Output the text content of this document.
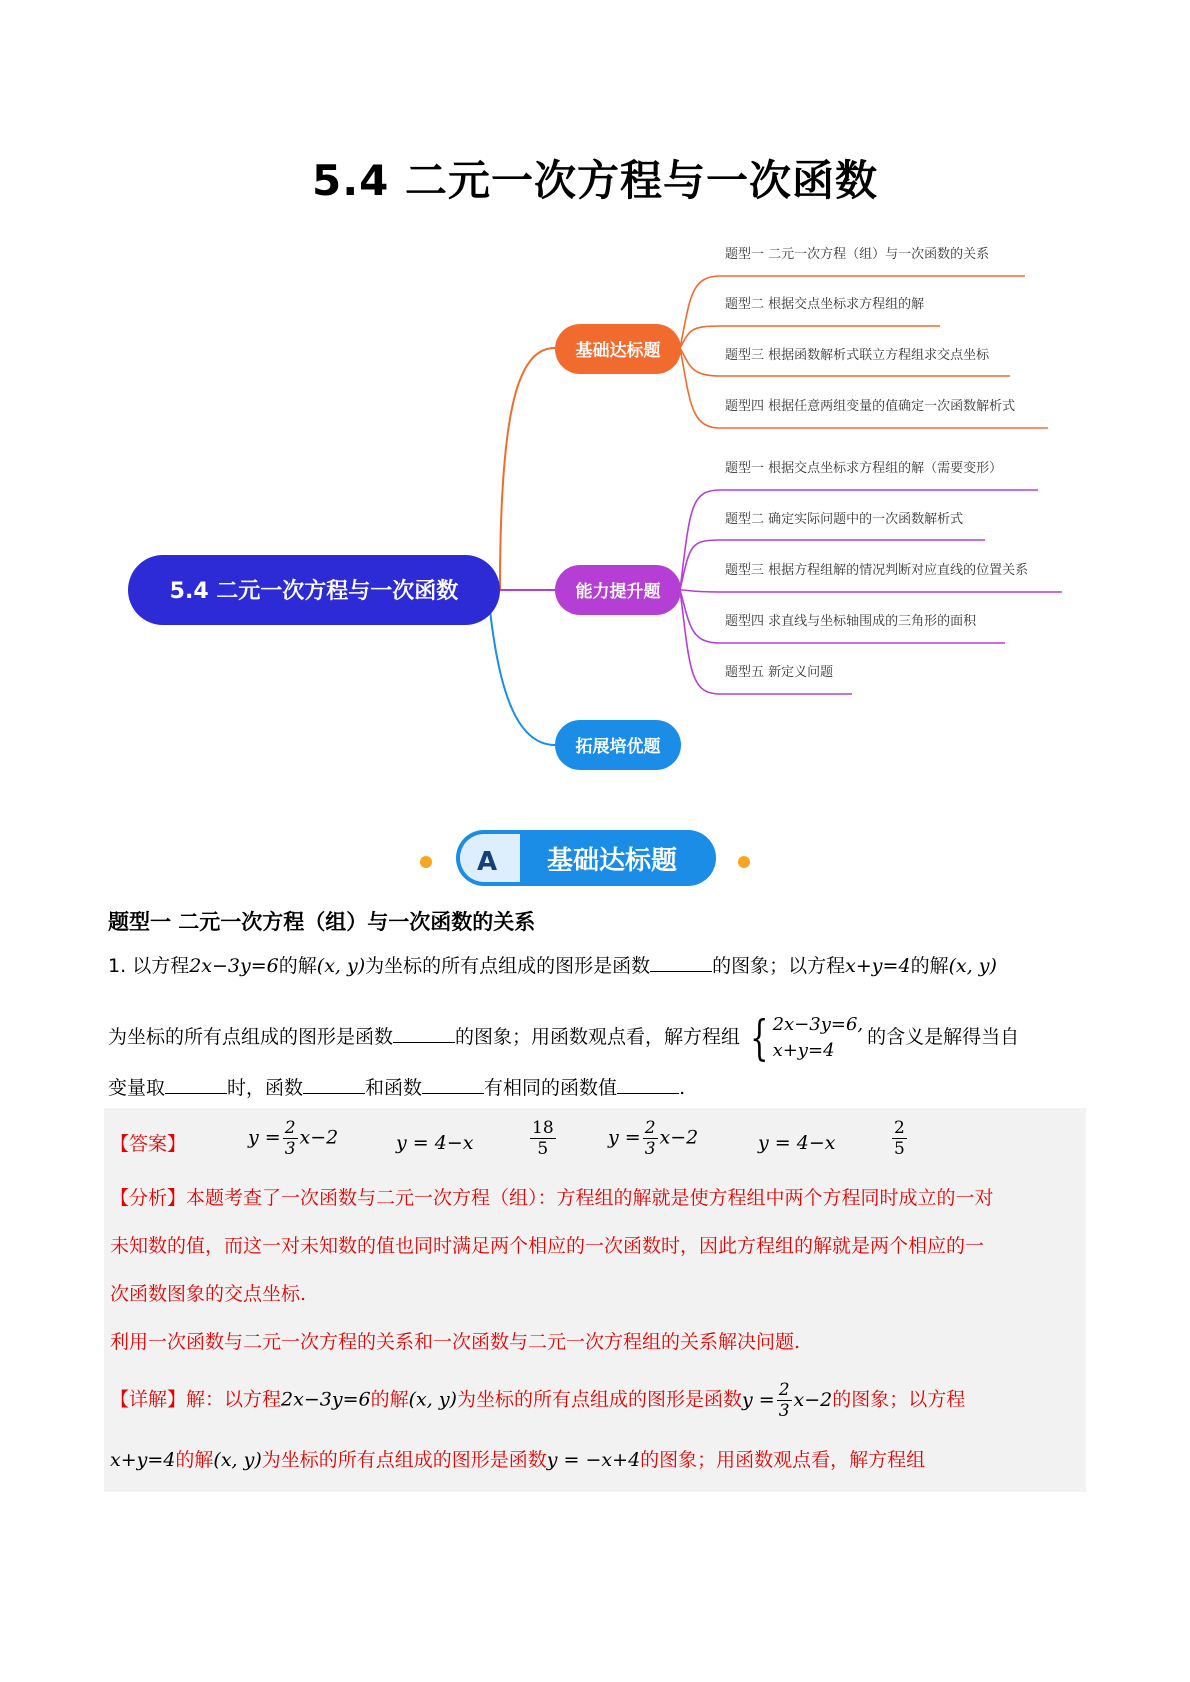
5.4 二元一次方程与一次函数
5.4 二元一次方程与一次函数
基础达标题
能力提升题
拓展培优题
题型一 二元一次方程（组）与一次函数的关系
题型二 根据交点坐标求方程组的解
题型三 根据函数解析式联立方程组求交点坐标
题型四 根据任意两组变量的值确定一次函数解析式
题型一 根据交点坐标求方程组的解（需要变形）
题型二 确定实际问题中的一次函数解析式
题型三 根据方程组解的情况判断对应直线的位置关系
题型四 求直线与坐标轴围成的三角形的面积
题型五 新定义问题
A 基础达标题
题型一 二元一次方程（组）与一次函数的关系
1. 以方程2x−3y=6的解(x, y)为坐标的所有点组成的图形是函数	的图象；以方程x+y=4的解(x, y)
为坐标的所有点组成的图形是函数	的图象；用函数观点看，解方程组 { 2x−3y=6,
x+y=4
的含义是解得当自
变量取	时，函数	和函数	有相同的函数值	.
【答案】	$y = \frac{2}{3} x-2$	y = 4−x	$\frac{18}{5}$	$y = \frac{2}{3} x-2$	y = 4−x	$\frac{2}{5}$
【分析】本题考查了一次函数与二元一次方程（组）：方程组的解就是使方程组中两个方程同时成立的一对
未知数的值，而这一对未知数的值也同时满足两个相应的一次函数时，因此方程组的解就是两个相应的一
次函数图象的交点坐标.
利用一次函数与二元一次方程的关系和一次函数与二元一次方程组的关系解决问题.
【详解】解：以方程2x−3y=6的解(x, y)为坐标的所有点组成的图形是函数$y = \frac{2}{3} x-2$的图象；以方程
x+y=4的解(x, y)为坐标的所有点组成的图形是函数y = −x+4的图象；用函数观点看，解方程组
